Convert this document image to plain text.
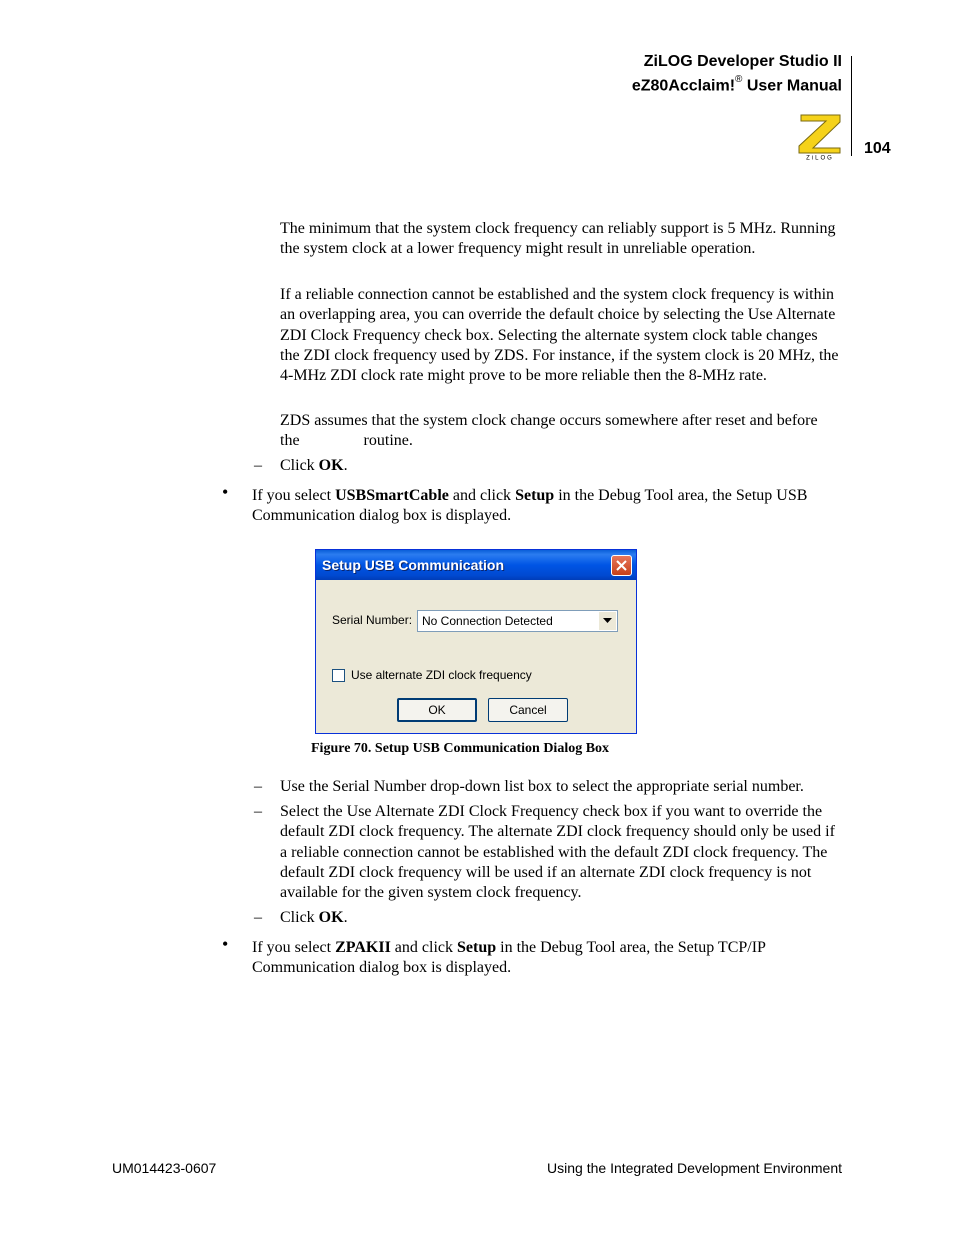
ZiLOG Developer Studio II
eZ80Acclaim!® User Manual
ZiLOG
104
The minimum that the system clock frequency can reliably support is 5 MHz. Running the system clock at a lower frequency might result in unreliable operation.
If a reliable connection cannot be established and the system clock frequency is within an overlapping area, you can override the default choice by selecting the Use Alternate ZDI Clock Frequency check box. Selecting the alternate system clock table changes the ZDI clock frequency used by ZDS. For instance, if the system clock is 20 MHz, the 4-MHz ZDI clock rate might prove to be more reliable then the 8-MHz rate.
ZDS assumes that the system clock change occurs somewhere after reset and before the	routine.
– Click OK.
• If you select USBSmartCable and click Setup in the Debug Tool area, the Setup USB Communication dialog box is displayed.
Setup USB Communication
Serial Number: No Connection Detected
Use alternate ZDI clock frequency
OK	Cancel
Figure 70. Setup USB Communication Dialog Box
– Use the Serial Number drop-down list box to select the appropriate serial number.
– Select the Use Alternate ZDI Clock Frequency check box if you want to override the default ZDI clock frequency. The alternate ZDI clock frequency should only be used if a reliable connection cannot be established with the default ZDI clock frequency. The default ZDI clock frequency will be used if an alternate ZDI clock frequency is not available for the given system clock frequency.
– Click OK.
• If you select ZPAKII and click Setup in the Debug Tool area, the Setup TCP/IP Communication dialog box is displayed.
UM014423-0607	Using the Integrated Development Environment
